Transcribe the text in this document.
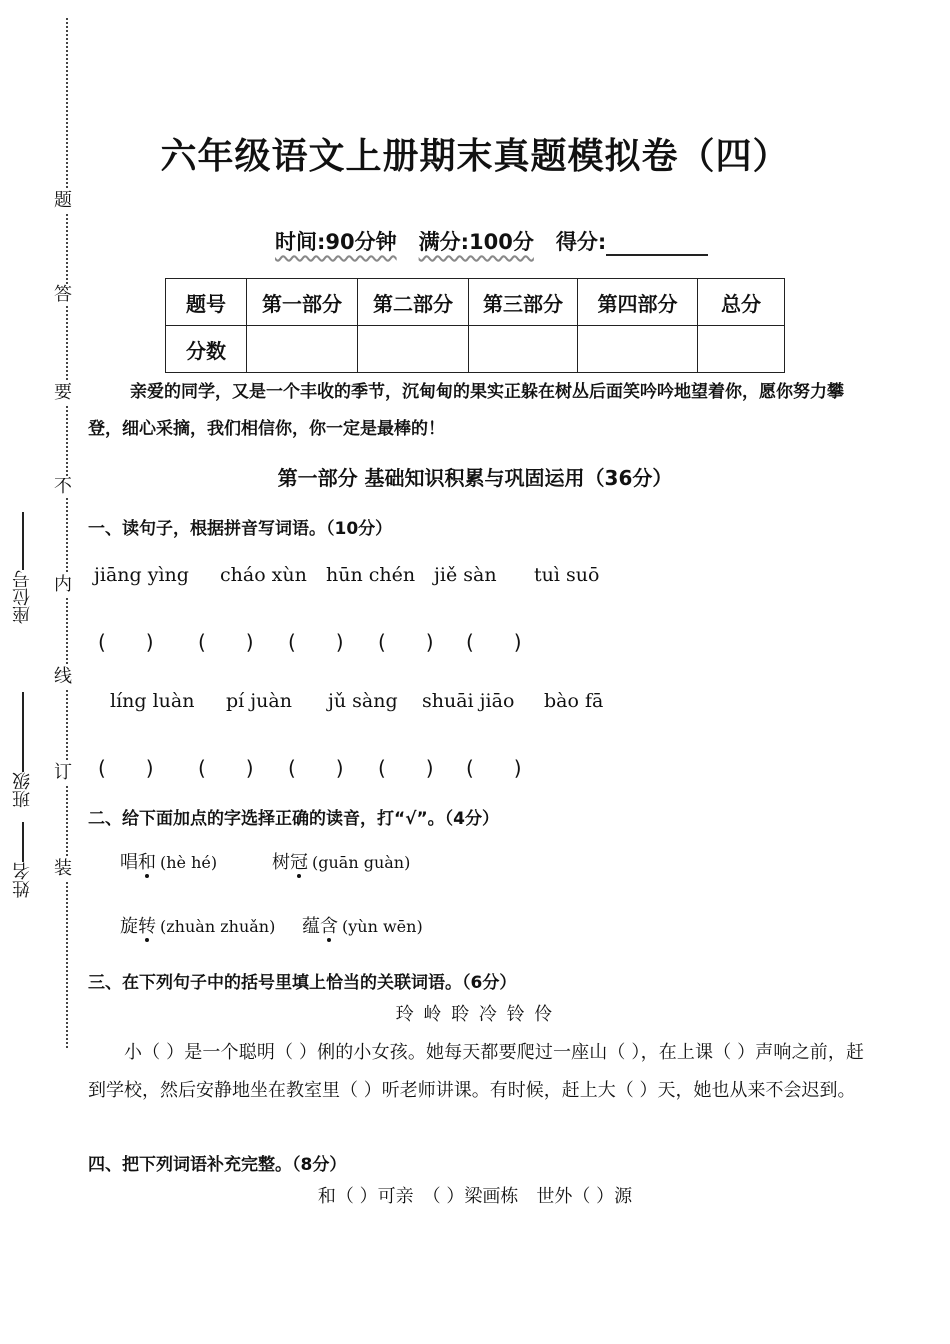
题
答
要
不
内
线
订
装
座位号
班级
姓名
六年级语文上册期末真题模拟卷（四）
时间:90分钟 满分:100分 得分:
题号	第一部分	第二部分	第三部分	第四部分	总分
分数					
亲爱的同学，又是一个丰收的季节，沉甸甸的果实正躲在树丛后面笑吟吟地望着你，愿你努力攀登，细心采摘，我们相信你，你一定是最棒的！
第一部分 基础知识积累与巩固运用（36分）
一、读句子，根据拼音写词语。（10分）
jiāng yìng cháo xùn hūn chén jiě sàn tuì suō
(　　) (　　) (　　) (　　) (　　)
líng luàn pí juàn jǔ sàng shuāi jiāo bào fā
(　　) (　　) (　　) (　　) (　　)
二、给下面加点的字选择正确的读音，打“√”。（4分）
唱和 (hè hé)	树冠 (guān guàn)
旋转 (zhuàn zhuǎn) 蕴含 (yùn wēn)
三、在下列句子中的括号里填上恰当的关联词语。（6分）
玲 岭 聆 冷 铃 伶
小（ ）是一个聪明（ ）俐的小女孩。她每天都要爬过一座山（ ），在上课（ ）声响之前，赶到学校，然后安静地坐在教室里（ ）听老师讲课。有时候，赶上大（ ）天，她也从来不会迟到。
四、把下列词语补充完整。（8分）
和（ ）可亲　（ ）梁画栋　世外（ ）源
